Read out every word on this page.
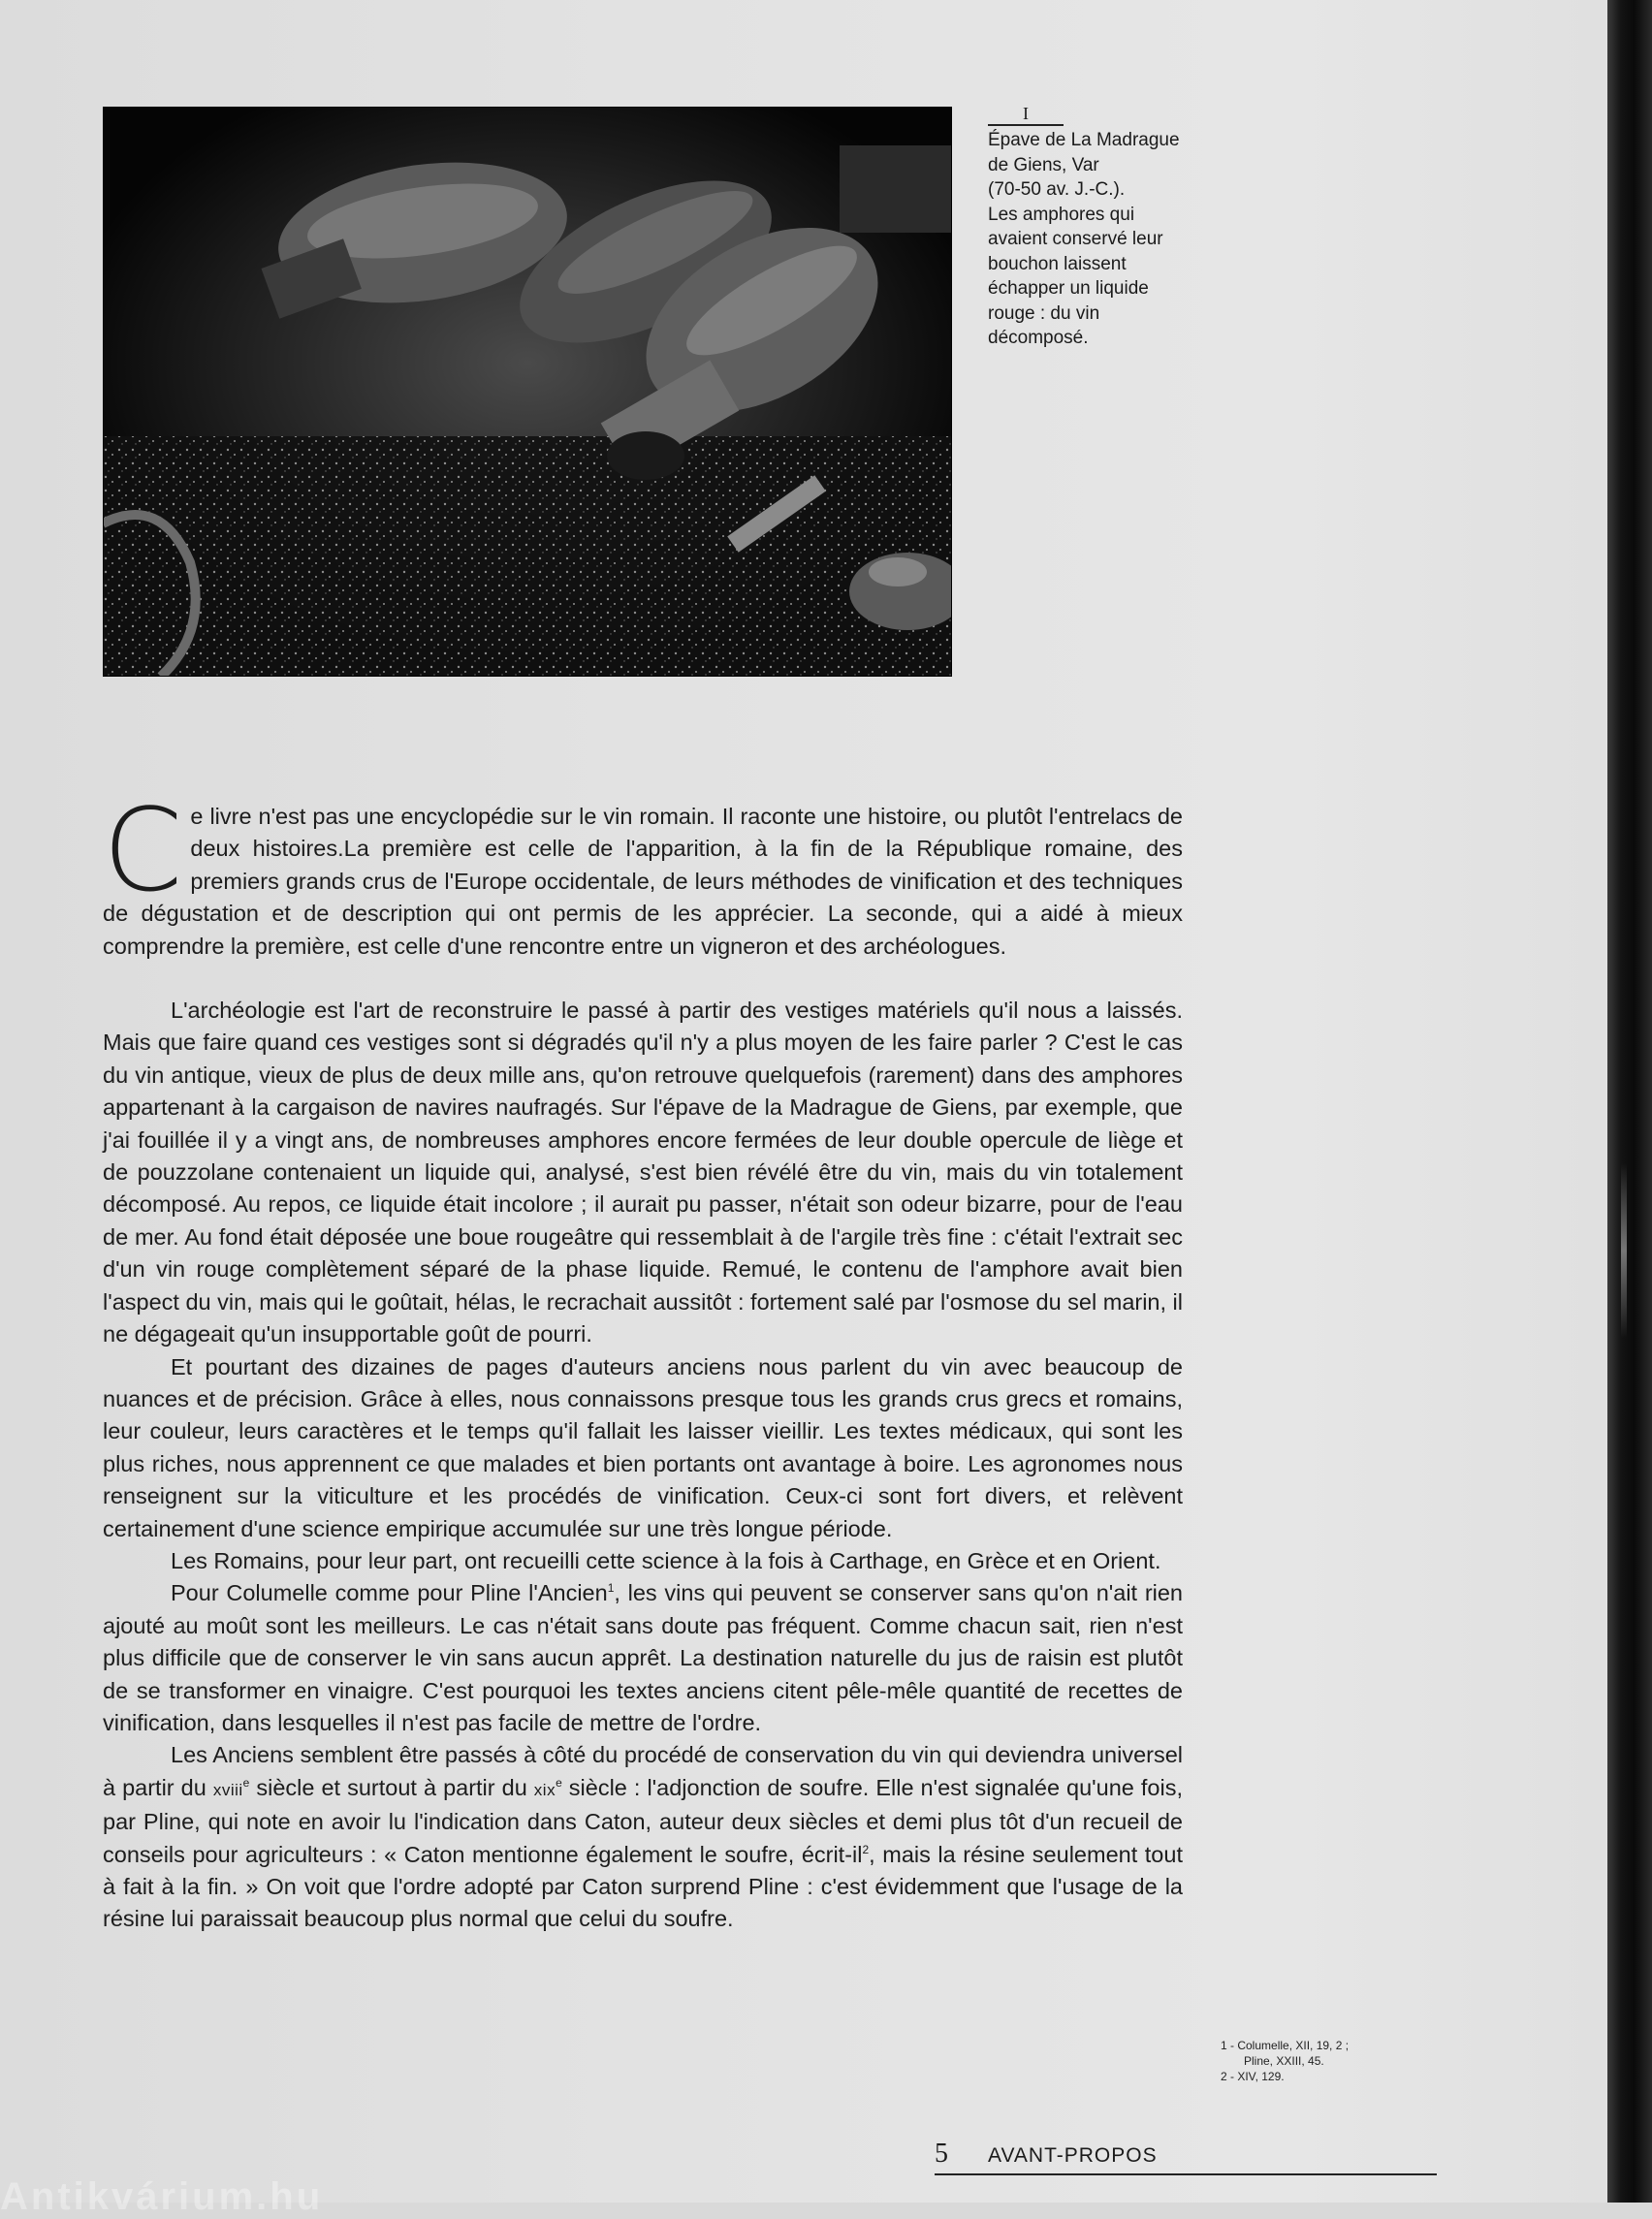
I

Épave de La Madrague

de Giens, Var

(70-50 av. J.-C.).

Les amphores qui

avaient conservé leur

bouchon laissent

échapper un liquide

rouge : du vin

décomposé.

Ce livre n'est pas une encyclopédie sur le vin romain. Il raconte une histoire, ou plutôt l'entrelacs de deux histoires.La première est celle de l'apparition, à la fin de la République romaine, des premiers grands crus de l'Europe occidentale, de leurs méthodes de vinification et des techniques de dégustation et de description qui ont permis de les apprécier. La seconde, qui a aidé à mieux comprendre la première, est celle d'une rencontre entre un vigneron et des archéologues.

L'archéologie est l'art de reconstruire le passé à partir des vestiges matériels qu'il nous a laissés. Mais que faire quand ces vestiges sont si dégradés qu'il n'y a plus moyen de les faire parler ? C'est le cas du vin antique, vieux de plus de deux mille ans, qu'on retrouve quelquefois (rarement) dans des amphores appartenant à la cargaison de navires naufragés. Sur l'épave de la Madrague de Giens, par exemple, que j'ai fouillée il y a vingt ans, de nombreuses amphores encore fermées de leur double opercule de liège et de pouzzolane contenaient un liquide qui, analysé, s'est bien révélé être du vin, mais du vin totalement décomposé. Au repos, ce liquide était incolore ; il aurait pu passer, n'était son odeur bizarre, pour de l'eau de mer. Au fond était déposée une boue rougeâtre qui ressemblait à de l'argile très fine : c'était l'extrait sec d'un vin rouge complètement séparé de la phase liquide. Remué, le contenu de l'amphore avait bien l'aspect du vin, mais qui le goûtait, hélas, le recrachait aussitôt : fortement salé par l'osmose du sel marin, il ne dégageait qu'un insupportable goût de pourri.

Et pourtant des dizaines de pages d'auteurs anciens nous parlent du vin avec beaucoup de nuances et de précision. Grâce à elles, nous connaissons presque tous les grands crus grecs et romains, leur couleur, leurs caractères et le temps qu'il fallait les laisser vieillir. Les textes médicaux, qui sont les plus riches, nous apprennent ce que malades et bien portants ont avantage à boire. Les agronomes nous renseignent sur la viticulture et les procédés de vinification. Ceux-ci sont fort divers, et relèvent certainement d'une science empirique accumulée sur une très longue période.

Les Romains, pour leur part, ont recueilli cette science à la fois à Carthage, en Grèce et en Orient.

Pour Columelle comme pour Pline l'Ancien$^1$, les vins qui peuvent se conserver sans qu'on n'ait rien ajouté au moût sont les meilleurs. Le cas n'était sans doute pas fréquent. Comme chacun sait, rien n'est plus difficile que de conserver le vin sans aucun apprêt. La destination naturelle du jus de raisin est plutôt de se transformer en vinaigre. C'est pourquoi les textes anciens citent pêle-mêle quantité de recettes de vinification, dans lesquelles il n'est pas facile de mettre de l'ordre.

Les Anciens semblent être passés à côté du procédé de conservation du vin qui deviendra universel à partir du xviii$^e$ siècle et surtout à partir du xix$^e$ siècle : l'adjonction de soufre. Elle n'est signalée qu'une fois, par Pline, qui note en avoir lu l'indication dans Caton, auteur deux siècles et demi plus tôt d'un recueil de conseils pour agriculteurs : « Caton mentionne également le soufre, écrit-$il^2$, mais la résine seulement tout à fait à la fin. » On voit que l'ordre adopté par Caton surprend Pline : c'est évidemment que l'usage de la résine lui paraissait beaucoup plus normal que celui du soufre.

1 - Columelle, XII, 19, 2 ;

Pline, XXIII, 45.

2 - XIV, 129.

5 AVANT-PROPOS
Antikvárium.hu
